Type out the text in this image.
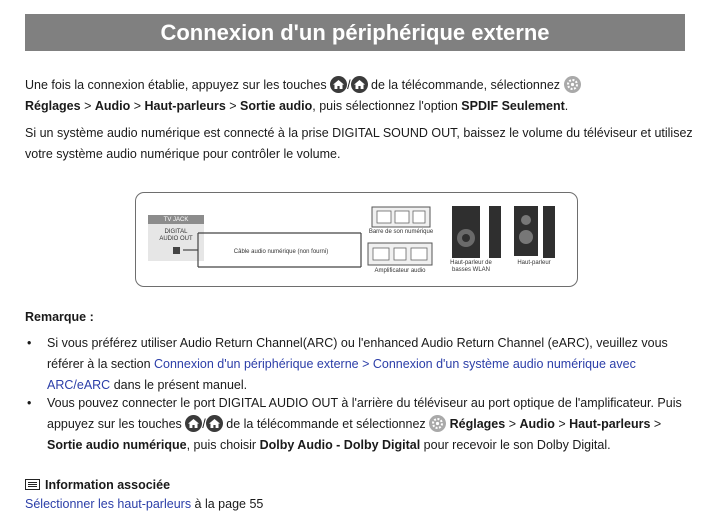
Connexion d'un périphérique externe
Une fois la connexion établie, appuyez sur les touches
/
de la télécommande, sélectionnez

Réglages > Audio > Haut-parleurs > Sortie audio, puis sélectionnez l'option SPDIF Seulement.
Si un système audio numérique est connecté à la prise DIGITAL SOUND OUT, baissez le volume du téléviseur et utilisez votre système audio numérique pour contrôler le volume.
TV JACK
DIGITAL
AUDIO OUT
Câble audio numérique (non fourni)
Barre de son numérique
Amplificateur audio
Haut-parleur de
basses WLAN
Haut-parleur
Remarque :
• Si vous préférez utiliser Audio Return Channel(ARC) ou l'enhanced Audio Return Channel (eARC), veuillez vous référer à la section Connexion d'un périphérique externe > Connexion d'un système audio numérique avec ARC/eARC dans le présent manuel.
• Vous pouvez connecter le port DIGITAL AUDIO OUT à l'arrière du téléviseur au port optique de l'amplificateur. Puis appuyez sur les touches
/
de la télécommande et sélectionnez
Réglages > Audio > Haut-parleurs > Sortie audio numérique, puis choisir Dolby Audio - Dolby Digital pour recevoir le son Dolby Digital.
Information associée
Sélectionner les haut-parleurs à la page 55
